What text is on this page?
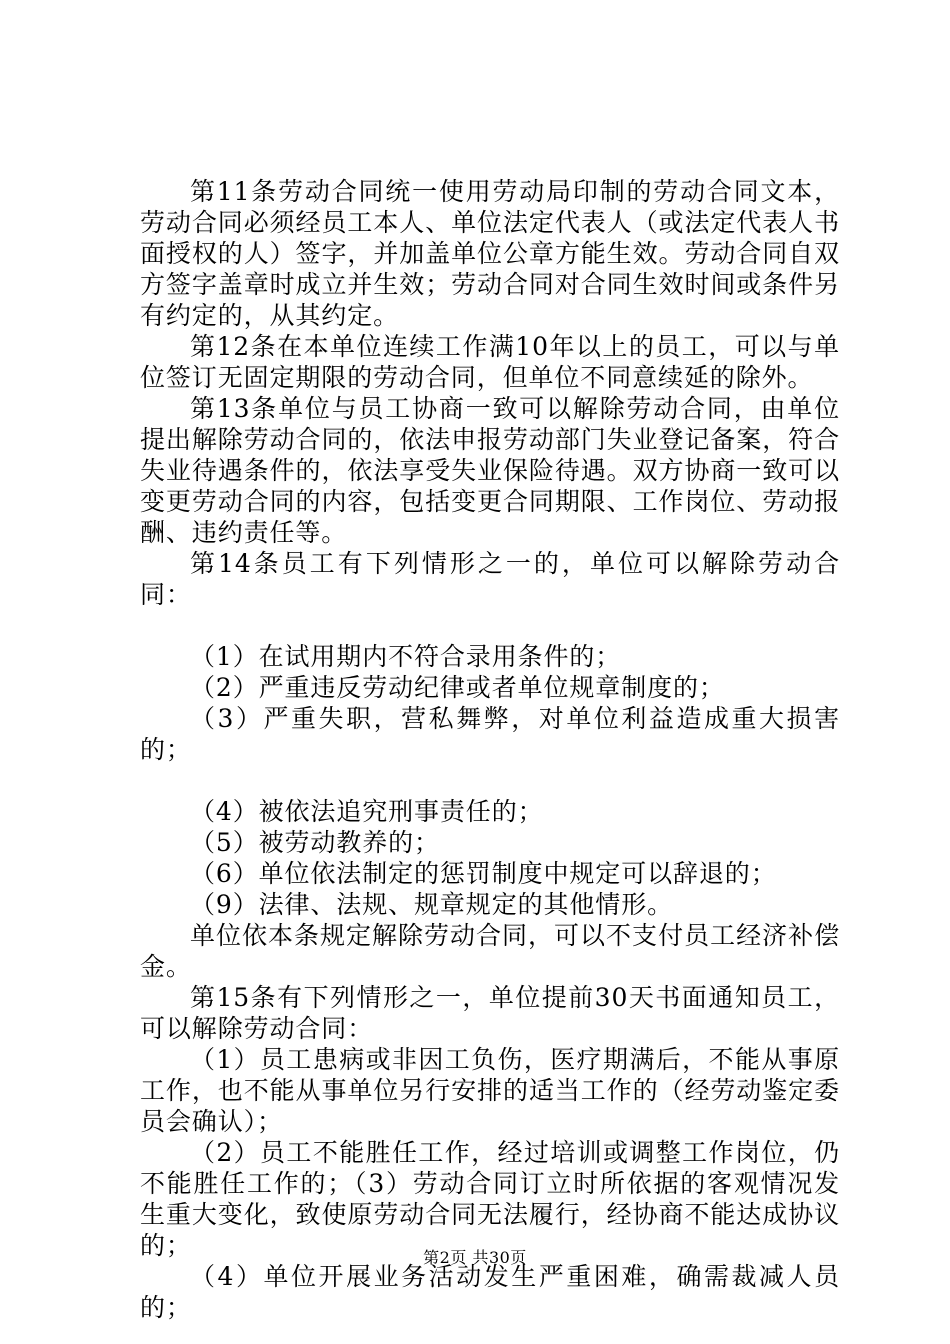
第11条劳动合同统一使用劳动局印制的劳动合同文本，劳动合同必须经员工本人、单位法定代表人（或法定代表人书面授权的人）签字，并加盖单位公章方能生效。劳动合同自双方签字盖章时成立并生效；劳动合同对合同生效时间或条件另有约定的，从其约定。

第12条在本单位连续工作满10年以上的员工，可以与单位签订无固定期限的劳动合同，但单位不同意续延的除外。

第13条单位与员工协商一致可以解除劳动合同，由单位提出解除劳动合同的，依法申报劳动部门失业登记备案，符合失业待遇条件的，依法享受失业保险待遇。双方协商一致可以变更劳动合同的内容，包括变更合同期限、工作岗位、劳动报酬、违约责任等。

第14条员工有下列情形之一的，单位可以解除劳动合同：

（1）在试用期内不符合录用条件的；

（2）严重违反劳动纪律或者单位规章制度的；

（3）严重失职，营私舞弊，对单位利益造成重大损害的；

（4）被依法追究刑事责任的；

（5）被劳动教养的；

（6）单位依法制定的惩罚制度中规定可以辞退的；

（9）法律、法规、规章规定的其他情形。

单位依本条规定解除劳动合同，可以不支付员工经济补偿金。

第15条有下列情形之一，单位提前30天书面通知员工，可以解除劳动合同：

（1）员工患病或非因工负伤，医疗期满后，不能从事原工作，也不能从事单位另行安排的适当工作的（经劳动鉴定委员会确认）；

（2）员工不能胜任工作，经过培训或调整工作岗位，仍不能胜任工作的；（3）劳动合同订立时所依据的客观情况发生重大变化，致使原劳动合同无法履行，经协商不能达成协议的；

（4）单位开展业务活动发生严重困难，确需裁减人员的；

第2页 共30页
